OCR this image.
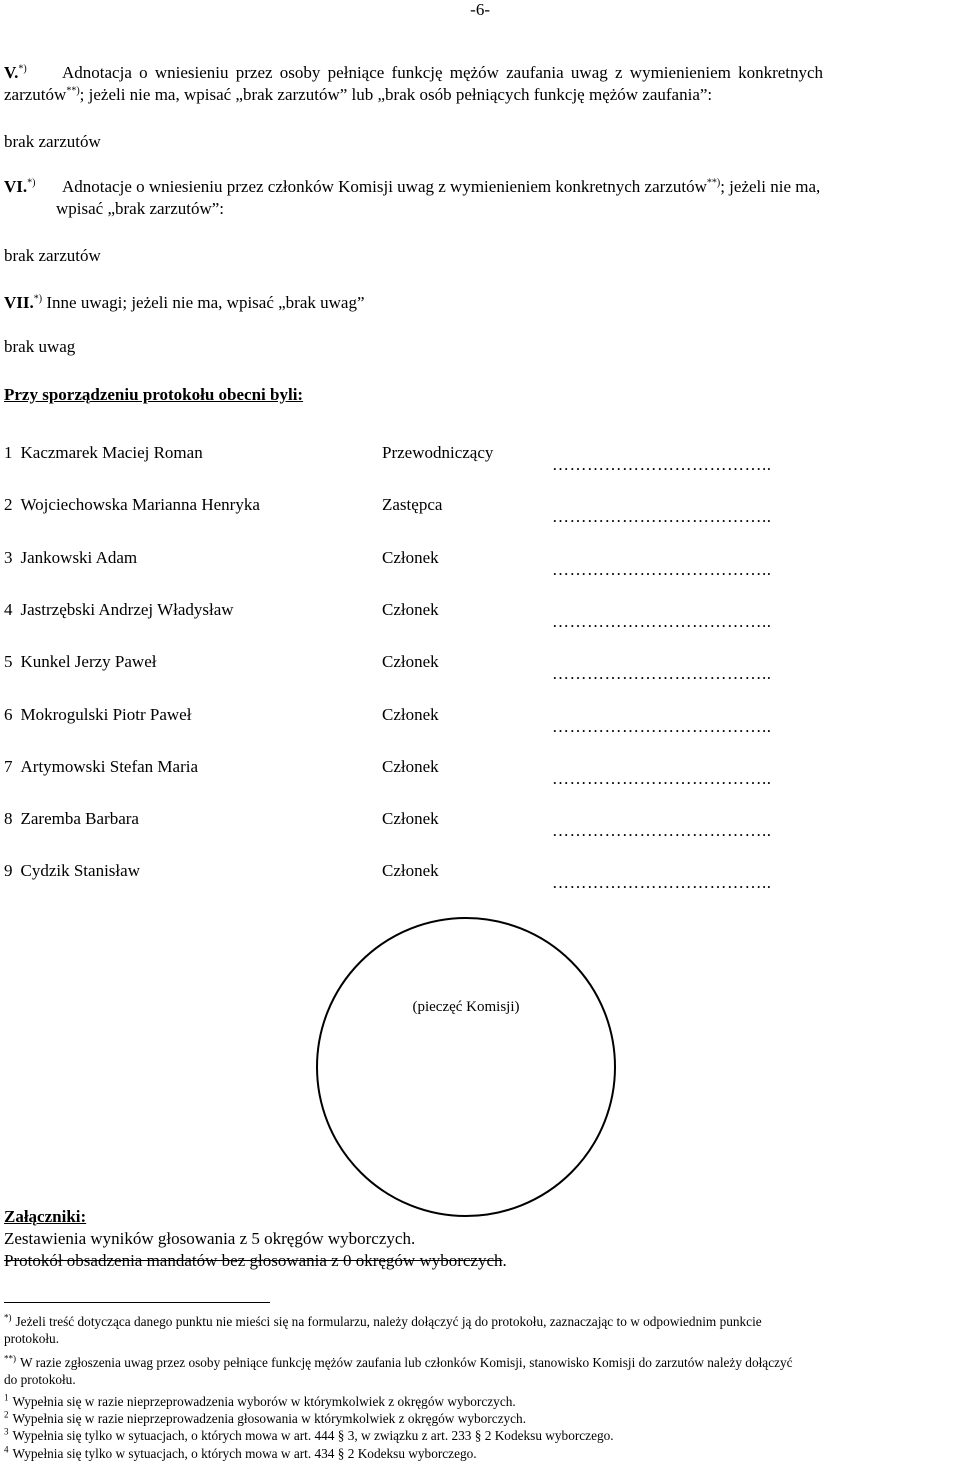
-6-
V.*) Adnotacja o wniesieniu przez osoby pełniące funkcję mężów zaufania uwag z wymienieniem konkretnych
zarzutów**); jeżeli nie ma, wpisać „brak zarzutów” lub „brak osób pełniących funkcję mężów zaufania”:
brak zarzutów
VI.*) Adnotacje o wniesieniu przez członków Komisji uwag z wymienieniem konkretnych zarzutów**); jeżeli nie ma,
wpisać „brak zarzutów”:
brak zarzutów
VII.*) Inne uwagi; jeżeli nie ma, wpisać „brak uwag”
brak uwag
Przy sporządzeniu protokołu obecni byli:
1 Kaczmarek Maciej Roman	Przewodniczący
………………………………..
2 Wojciechowska Marianna Henryka	Zastępca
………………………………..
3 Jankowski Adam	Członek
………………………………..
4 Jastrzębski Andrzej Władysław	Członek
………………………………..
5 Kunkel Jerzy Paweł	Członek
………………………………..
6 Mokrogulski Piotr Paweł	Członek
………………………………..
7 Artymowski Stefan Maria	Członek
………………………………..
8 Zaremba Barbara	Członek
………………………………..
9 Cydzik Stanisław	Członek
………………………………..
(pieczęć Komisji)
Załączniki:
Zestawienia wyników głosowania z 5 okręgów wyborczych.
Protokół obsadzenia mandatów bez głosowania z 0 okręgów wyborczych.
*) Jeżeli treść dotycząca danego punktu nie mieści się na formularzu, należy dołączyć ją do protokołu, zaznaczając to w odpowiednim punkcie
protokołu.
**) W razie zgłoszenia uwag przez osoby pełniące funkcję mężów zaufania lub członków Komisji, stanowisko Komisji do zarzutów należy dołączyć
do protokołu.
$^1$ Wypełnia się w razie nieprzeprowadzenia wyborów w którymkolwiek z okręgów wyborczych.
$^2$ Wypełnia się w razie nieprzeprowadzenia głosowania w którymkolwiek z okręgów wyborczych.
$^3$ Wypełnia się tylko w sytuacjach, o których mowa w art. 444 § 3, w związku z art. 233 § 2 Kodeksu wyborczego.
$^4$ Wypełnia się tylko w sytuacjach, o których mowa w art. 434 § 2 Kodeksu wyborczego.
